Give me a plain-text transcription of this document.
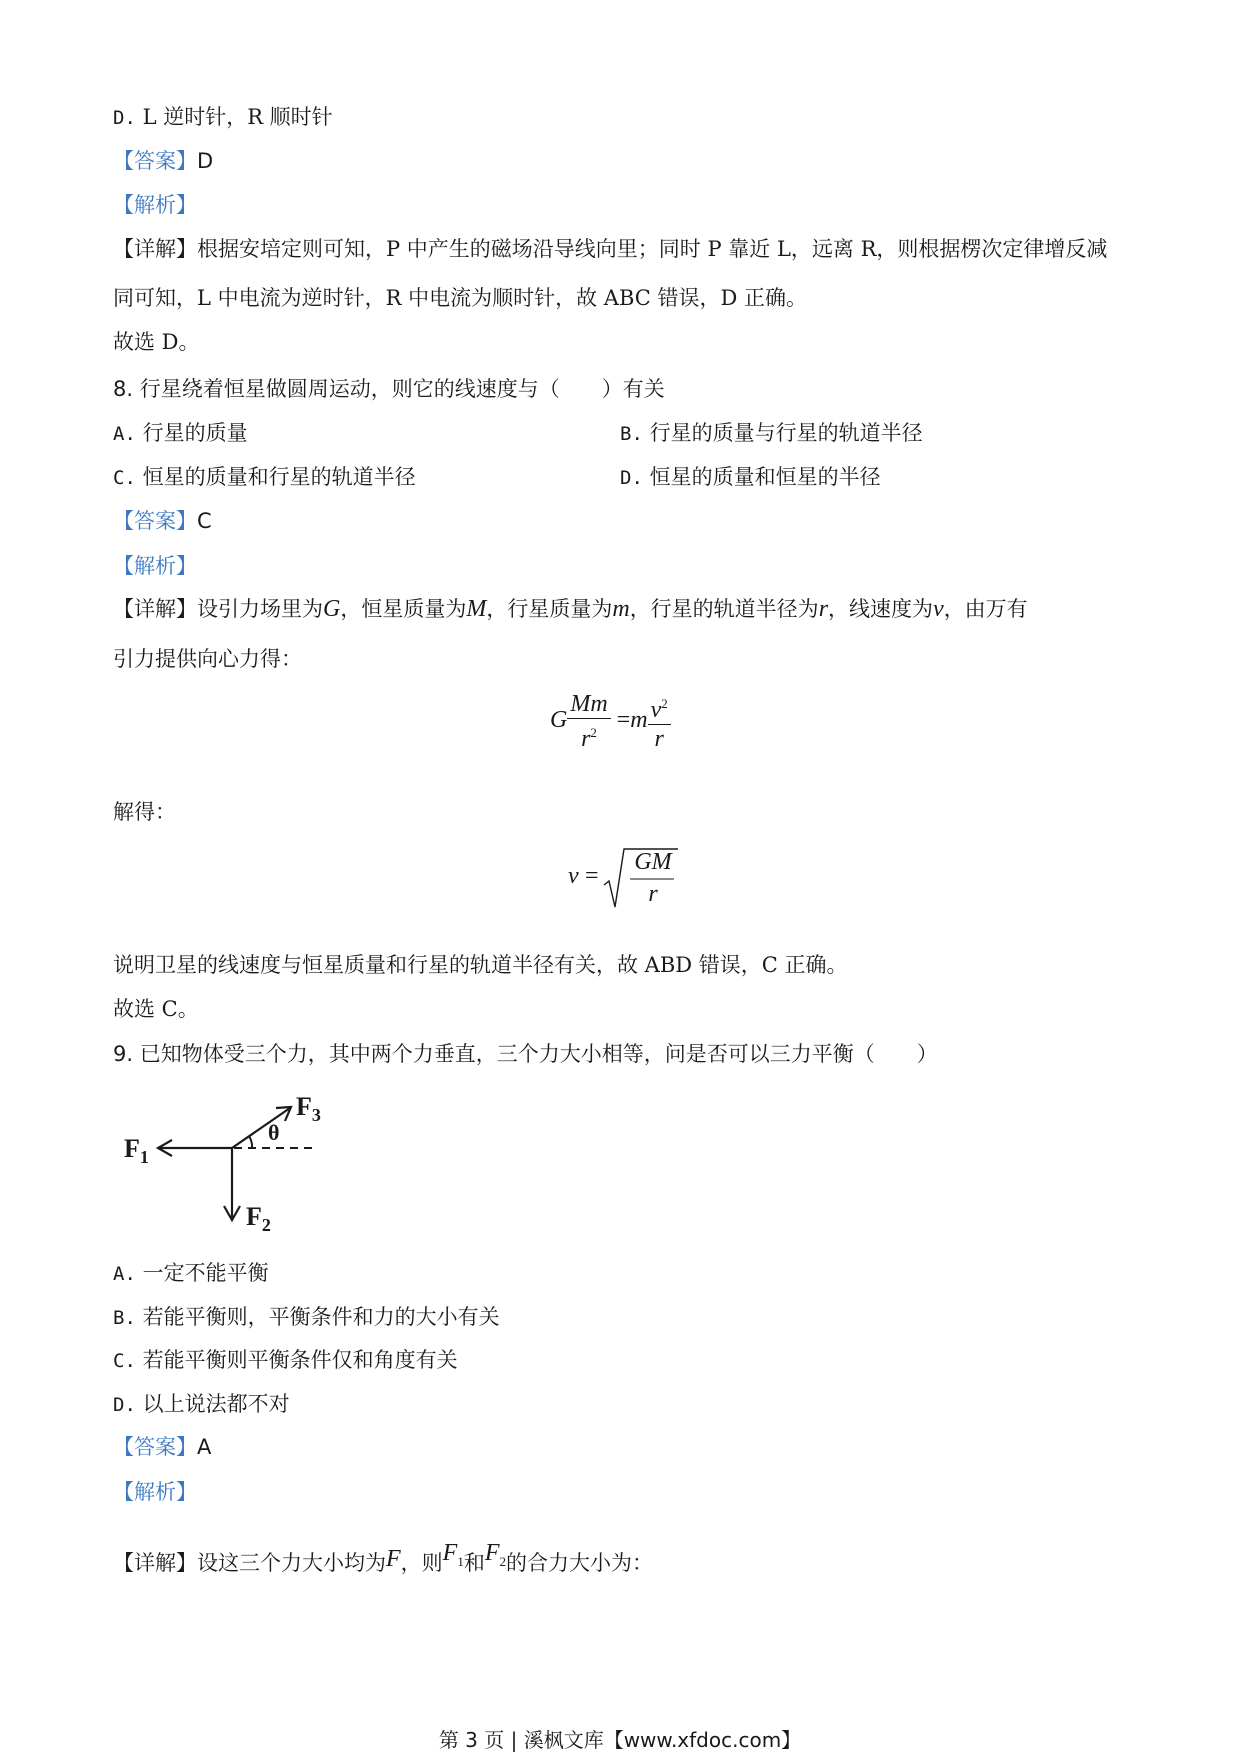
D. L 逆时针，R 顺时针
【答案】D
【解析】
【详解】根据安培定则可知，P 中产生的磁场沿导线向里；同时 P 靠近 L，远离 R，则根据楞次定律增反减
同可知，L 中电流为逆时针，R 中电流为顺时针，故 ABC 错误，D 正确。
故选 D。
8. 行星绕着恒星做圆周运动，则它的线速度与（　　）有关
A. 行星的质量	B. 行星的质量与行星的轨道半径
C. 恒星的质量和行星的轨道半径	D. 恒星的质量和恒星的半径
【答案】C
【解析】
【详解】设引力场里为G，恒星质量为M，行星质量为m，行星的轨道半径为r，线速度为v，由万有
引力提供向心力得：
G $\frac{Mm}{r^2} =m \frac{v^2}{r}$
解得：
v =
GM
r
说明卫星的线速度与恒星质量和行星的轨道半径有关，故 ABD 错误，C 正确。
故选 C。
9. 已知物体受三个力，其中两个力垂直，三个力大小相等，问是否可以三力平衡（　　）
θ
$F_1$
$F_2$
$F_3$
A. 一定不能平衡
B. 若能平衡则，平衡条件和力的大小有关
C. 若能平衡则平衡条件仅和角度有关
D. 以上说法都不对
【答案】A
【解析】
【详解】设这三个力大小均为F，则$F_1$和$F_2$的合力大小为：
第 3 页 | 溪枫文库【www.xfdoc.com】
